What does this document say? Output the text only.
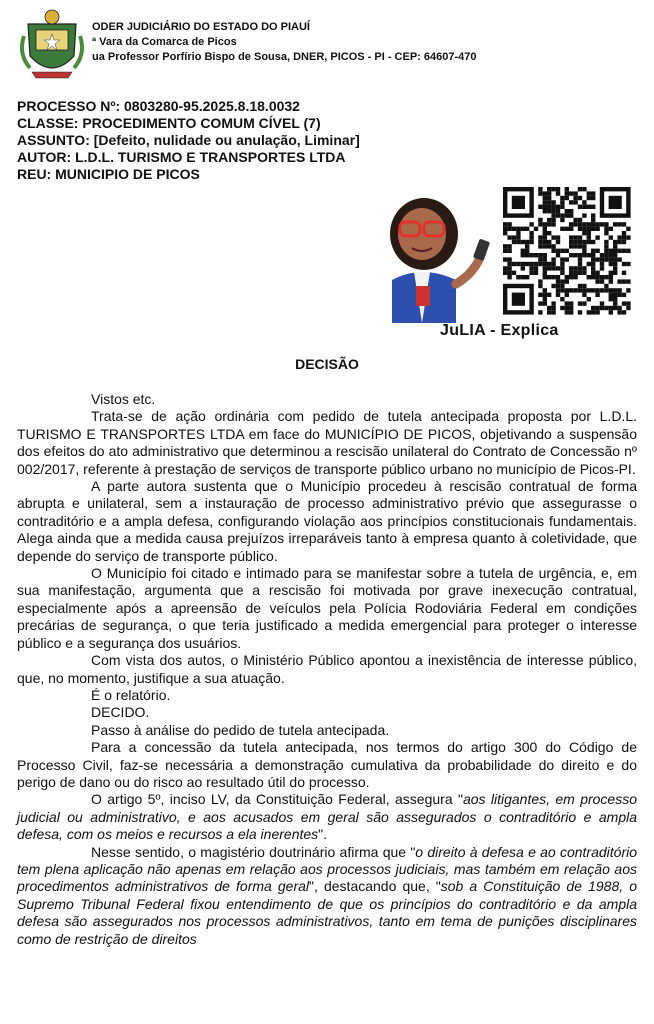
ODER JUDICIÁRIO DO ESTADO DO PIAUÍ
ª Vara da Comarca de Picos
ua Professor Porfírio Bispo de Sousa, DNER, PICOS - PI - CEP: 64607-470
PROCESSO Nº: 0803280-95.2025.8.18.0032
CLASSE: PROCEDIMENTO COMUM CÍVEL (7)
ASSUNTO: [Defeito, nulidade ou anulação, Liminar]
AUTOR: L.D.L. TURISMO E TRANSPORTES LTDA
REU: MUNICIPIO DE PICOS
JuLIA - Explica
DECISÃO

Vistos etc.

Trata-se de ação ordinária com pedido de tutela antecipada proposta por L.D.L. TURISMO E TRANSPORTES LTDA em face do MUNICÍPIO DE PICOS, objetivando a suspensão dos efeitos do ato administrativo que determinou a rescisão unilateral do Contrato de Concessão nº 002/2017, referente à prestação de serviços de transporte público urbano no município de Picos-PI.

A parte autora sustenta que o Município procedeu à rescisão contratual de forma abrupta e unilateral, sem a instauração de processo administrativo prévio que assegurasse o contraditório e a ampla defesa, configurando violação aos princípios constitucionais fundamentais. Alega ainda que a medida causa prejuízos irreparáveis tanto à empresa quanto à coletividade, que depende do serviço de transporte público.

O Município foi citado e intimado para se manifestar sobre a tutela de urgência, e, em sua manifestação, argumenta que a rescisão foi motivada por grave inexecução contratual, especialmente após a apreensão de veículos pela Polícia Rodoviária Federal em condições precárias de segurança, o que teria justificado a medida emergencial para proteger o interesse público e a segurança dos usuários.

Com vista dos autos, o Ministério Público apontou a inexistência de interesse público, que, no momento, justifique a sua atuação.

É o relatório.

DECIDO.

Passo à análise do pedido de tutela antecipada.

Para a concessão da tutela antecipada, nos termos do artigo 300 do Código de Processo Civil, faz-se necessária a demonstração cumulativa da probabilidade do direito e do perigo de dano ou do risco ao resultado útil do processo.

O artigo 5º, inciso LV, da Constituição Federal, assegura "aos litigantes, em processo judicial ou administrativo, e aos acusados em geral são assegurados o contraditório e ampla defesa, com os meios e recursos a ela inerentes".

Nesse sentido, o magistério doutrinário afirma que "o direito à defesa e ao contraditório tem plena aplicação não apenas em relação aos processos judiciais, mas também em relação aos procedimentos administrativos de forma geral", destacando que, "sob a Constituição de 1988, o Supremo Tribunal Federal fixou entendimento de que os princípios do contraditório e da ampla defesa são assegurados nos processos administrativos, tanto em tema de punições disciplinares como de restrição de direitos
